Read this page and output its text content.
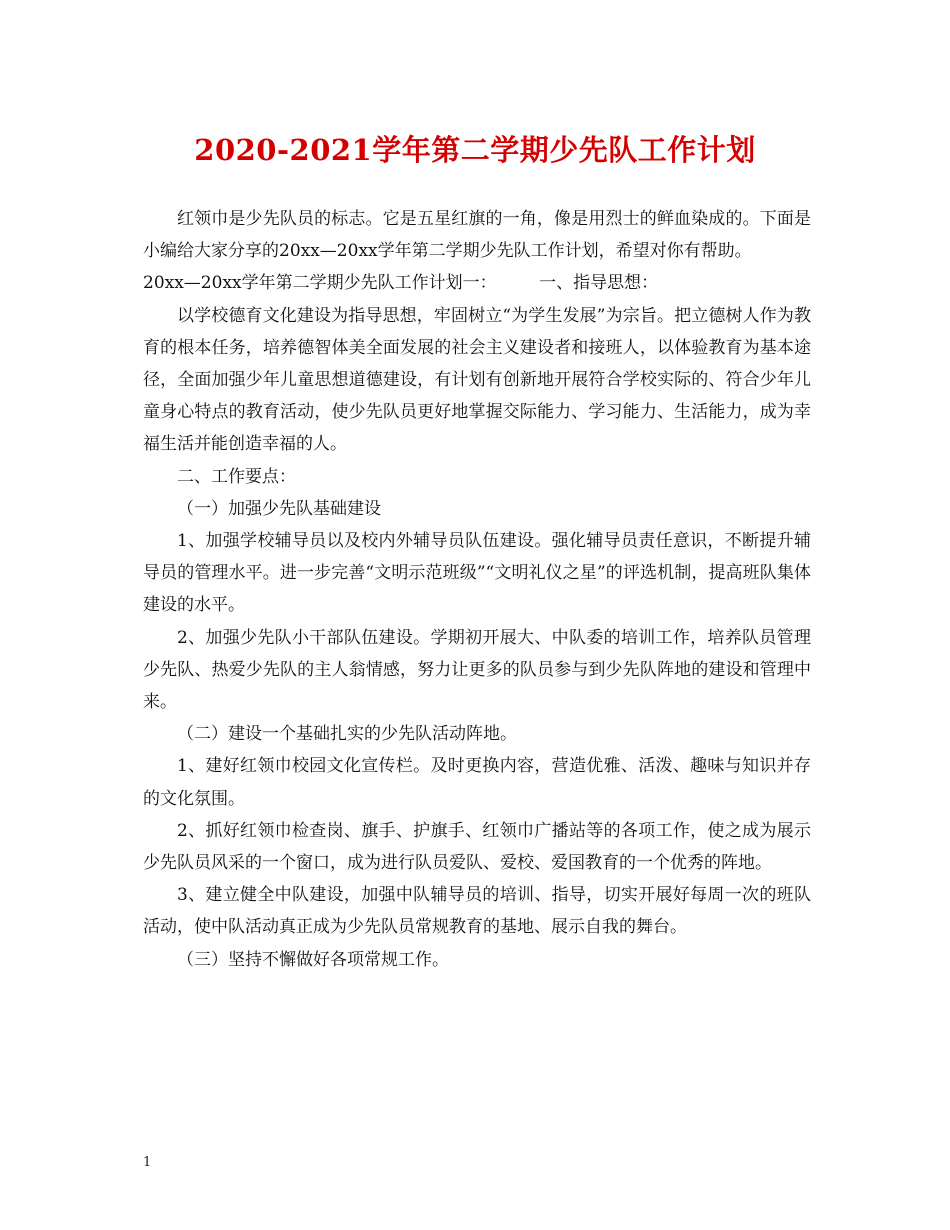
2020-2021学年第二学期少先队工作计划

红领巾是少先队员的标志。它是五星红旗的一角，像是用烈士的鲜血染成的。下面是小编给大家分享的20xx—20xx学年第二学期少先队工作计划，希望对你有帮助。

20xx—20xx学年第二学期少先队工作计划一：　　　一、指导思想：

以学校德育文化建设为指导思想，牢固树立“为学生发展”为宗旨。把立德树人作为教育的根本任务，培养德智体美全面发展的社会主义建设者和接班人，以体验教育为基本途径，全面加强少年儿童思想道德建设，有计划有创新地开展符合学校实际的、符合少年儿童身心特点的教育活动，使少先队员更好地掌握交际能力、学习能力、生活能力，成为幸福生活并能创造幸福的人。

二、工作要点：

（一）加强少先队基础建设

1、加强学校辅导员以及校内外辅导员队伍建设。强化辅导员责任意识，不断提升辅导员的管理水平。进一步完善“文明示范班级”“文明礼仪之星”的评选机制，提高班队集体建设的水平。

2、加强少先队小干部队伍建设。学期初开展大、中队委的培训工作，培养队员管理少先队、热爱少先队的主人翁情感，努力让更多的队员参与到少先队阵地的建设和管理中来。

（二）建设一个基础扎实的少先队活动阵地。

1、建好红领巾校园文化宣传栏。及时更换内容，营造优雅、活泼、趣味与知识并存的文化氛围。

2、抓好红领巾检查岗、旗手、护旗手、红领巾广播站等的各项工作，使之成为展示少先队员风采的一个窗口，成为进行队员爱队、爱校、爱国教育的一个优秀的阵地。

3、建立健全中队建设，加强中队辅导员的培训、指导，切实开展好每周一次的班队活动，使中队活动真正成为少先队员常规教育的基地、展示自我的舞台。

（三）坚持不懈做好各项常规工作。

1
